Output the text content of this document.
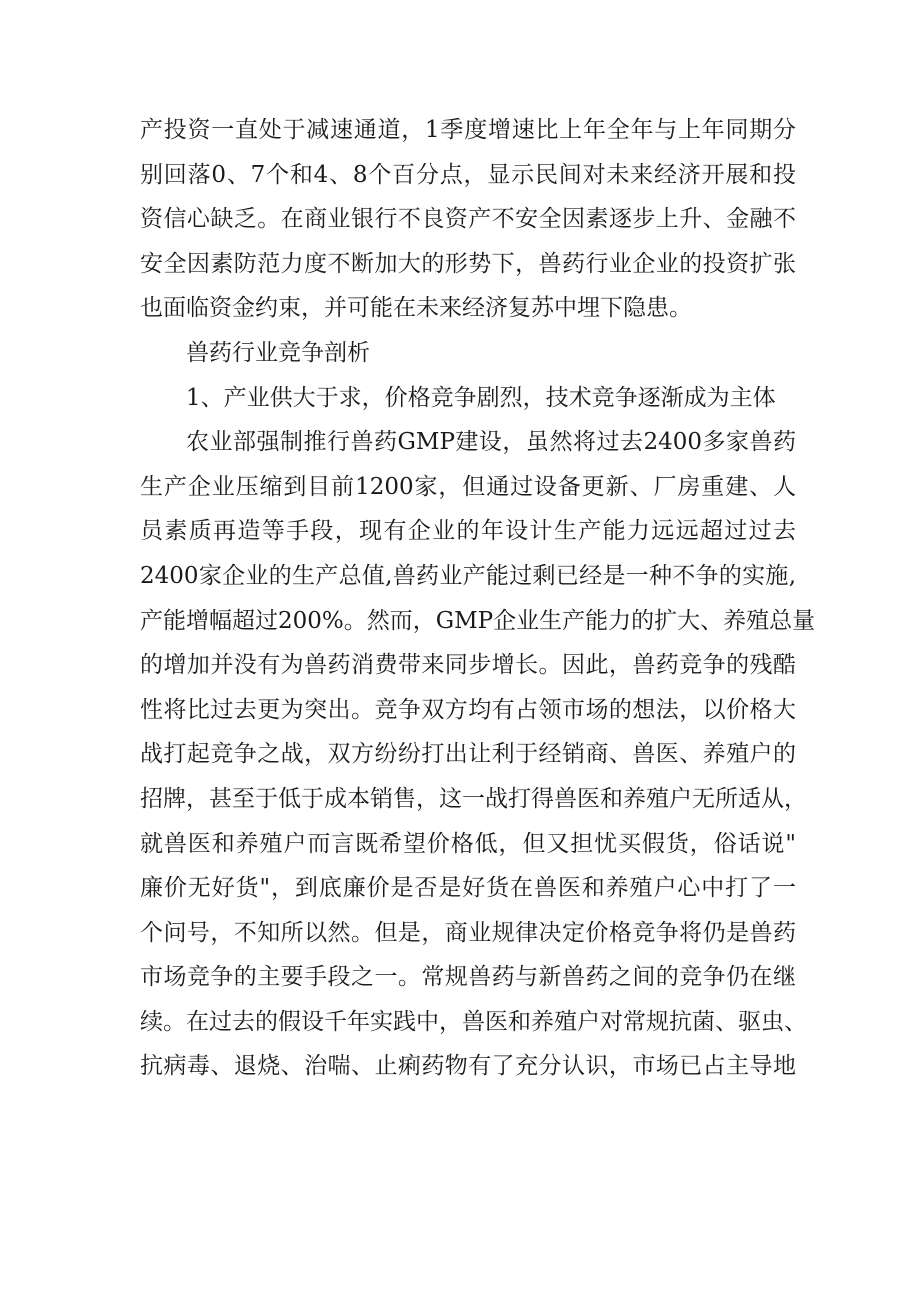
产投资一直处于减速通道，1季度增速比上年全年与上年同期分
别回落0、7个和4、8个百分点，显示民间对未来经济开展和投
资信心缺乏。在商业银行不良资产不安全因素逐步上升、金融不
安全因素防范力度不断加大的形势下，兽药行业企业的投资扩张
也面临资金约束，并可能在未来经济复苏中埋下隐患。
兽药行业竞争剖析
1、产业供大于求，价格竞争剧烈，技术竞争逐渐成为主体
农业部强制推行兽药GMP建设，虽然将过去2400多家兽药
生产企业压缩到目前1200家，但通过设备更新、厂房重建、人
员素质再造等手段，现有企业的年设计生产能力远远超过过去
2400家企业的生产总值,兽药业产能过剩已经是一种不争的实施,
产能增幅超过200%。然而，GMP企业生产能力的扩大、养殖总量
的增加并没有为兽药消费带来同步增长。因此，兽药竞争的残酷
性将比过去更为突出。竞争双方均有占领市场的想法，以价格大
战打起竞争之战，双方纷纷打出让利于经销商、兽医、养殖户的
招牌，甚至于低于成本销售，这一战打得兽医和养殖户无所适从，
就兽医和养殖户而言既希望价格低，但又担忧买假货，俗话说"
廉价无好货"，到底廉价是否是好货在兽医和养殖户心中打了一
个问号，不知所以然。但是，商业规律决定价格竞争将仍是兽药
市场竞争的主要手段之一。常规兽药与新兽药之间的竞争仍在继
续。在过去的假设千年实践中，兽医和养殖户对常规抗菌、驱虫、
抗病毒、退烧、治喘、止痢药物有了充分认识，市场已占主导地
